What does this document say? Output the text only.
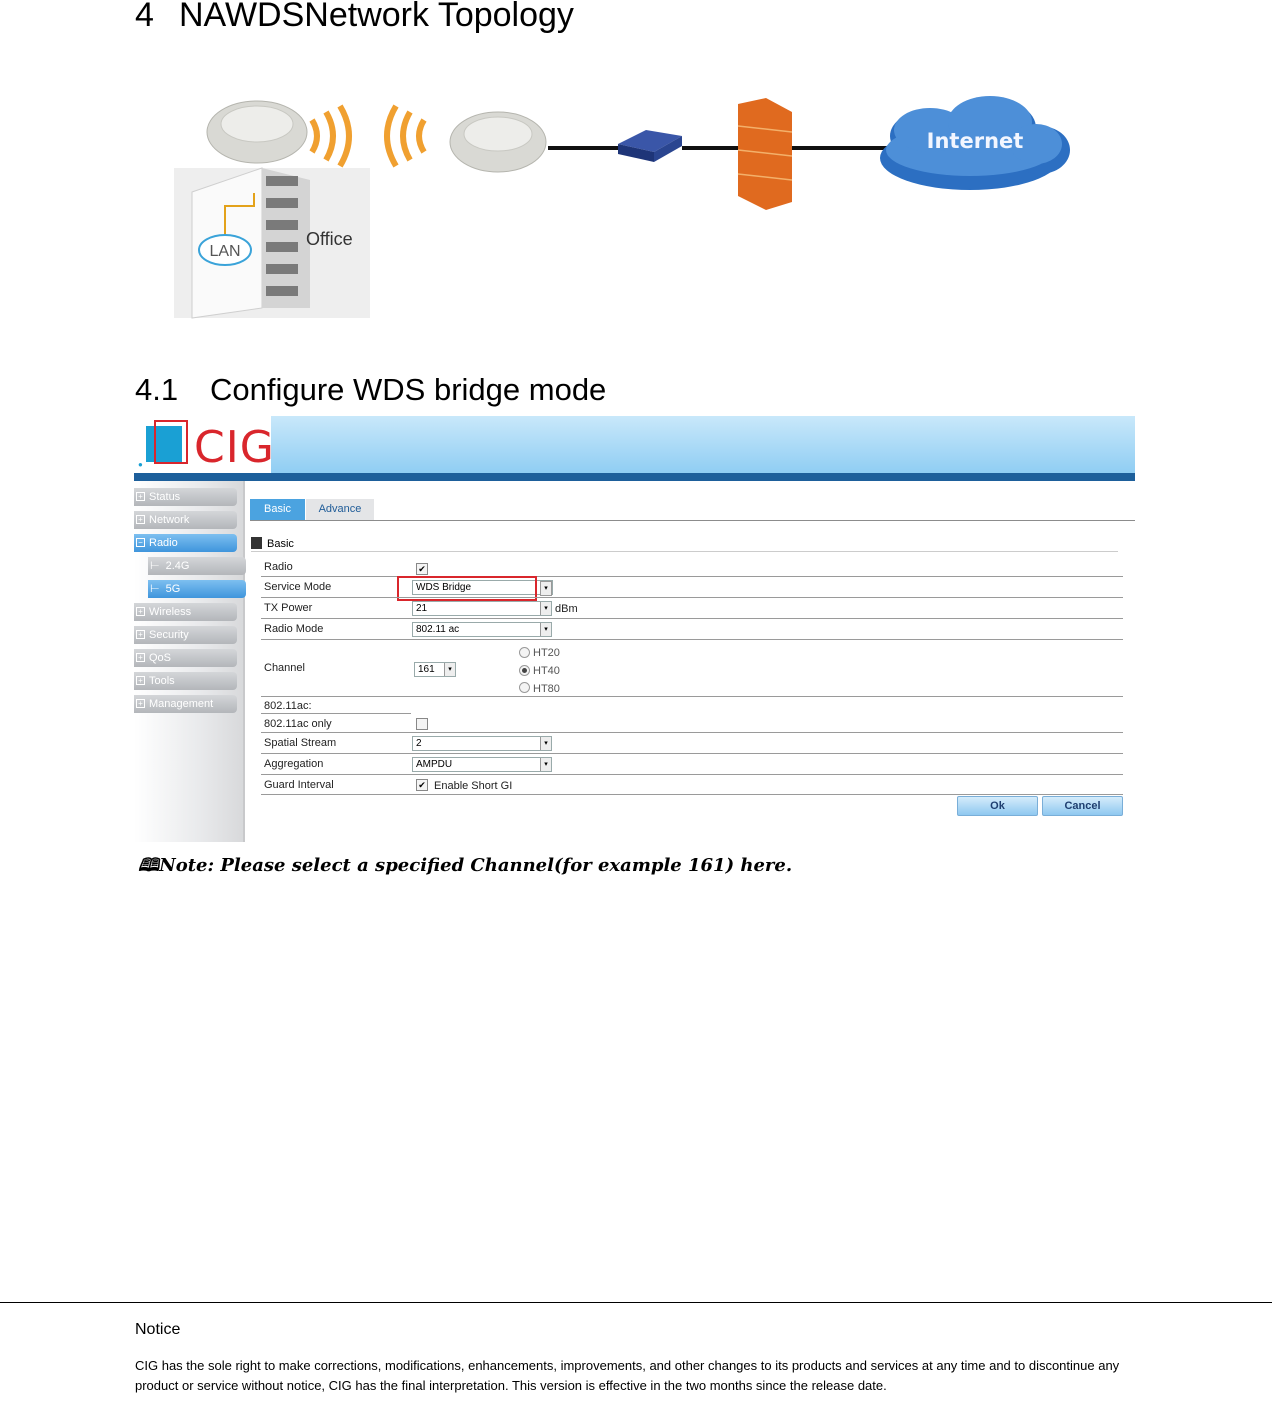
4 NAWDSNetwork Topology
LAN
Office
Internet
4.1 Configure WDS bridge mode
● CIG
+ Status
+ Network
− Radio
⊢ 2.4G
⊢ 5G
+ Wireless
+ Security
+ QoS
+ Tools
+ Management
Basic	Advance
Basic
Radio	✔
Service Mode	WDS Bridge	▾
TX Power	21	▾ dBm
Radio Mode	802.11 ac	▾
Channel	161	▾
HT20
HT40
HT80
802.11ac:
802.11ac only
Spatial Stream	2	▾
Aggregation	AMPDU	▾
Guard Interval	✔ Enable Short GI
Ok	Cancel
🕮Note: Please select a specified Channel(for example 161) here.
Notice
CIG has the sole right to make corrections, modifications, enhancements, improvements, and other changes to its products and services at any time and to discontinue any product or service without notice, CIG has the final interpretation. This version is effective in the two months since the release date.
